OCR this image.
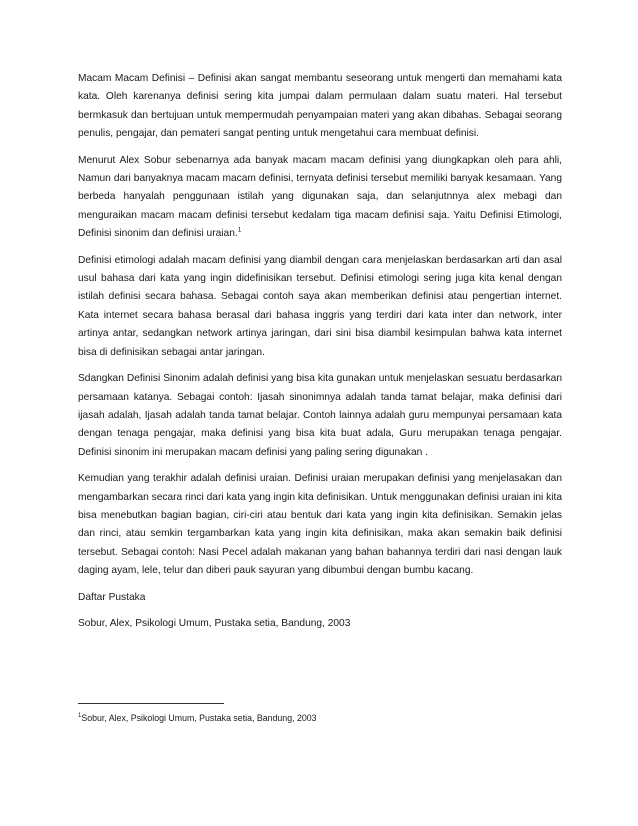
Macam Macam Definisi – Definisi akan sangat membantu seseorang untuk mengerti dan memahami kata kata. Oleh karenanya definisi sering kita jumpai dalam permulaan dalam suatu materi. Hal tersebut bermkasuk dan bertujuan untuk mempermudah penyampaian materi yang akan dibahas. Sebagai seorang penulis, pengajar, dan pemateri sangat penting untuk mengetahui cara membuat definisi.

Menurut Alex Sobur sebenarnya ada banyak macam macam definisi yang diungkapkan oleh para ahli, Namun dari banyaknya macam macam definisi, ternyata definisi tersebut memiliki banyak kesamaan. Yang berbeda hanyalah penggunaan istilah yang digunakan saja, dan selanjutnnya alex mebagi dan menguraikan macam macam definisi tersebut kedalam tiga macam definisi saja. Yaitu Definisi Etimologi, Definisi sinonim dan definisi uraian.$^1$

Definisi etimologi adalah macam definisi yang diambil dengan cara menjelaskan berdasarkan arti dan asal usul bahasa dari kata yang ingin didefinisikan tersebut. Definisi etimologi sering juga kita kenal dengan istilah definisi secara bahasa. Sebagai contoh saya akan memberikan definisi atau pengertian internet. Kata internet secara bahasa berasal dari bahasa inggris yang terdiri dari kata inter dan network, inter artinya antar, sedangkan network artinya jaringan, dari sini bisa diambil kesimpulan bahwa kata internet bisa di definisikan sebagai antar jaringan.

Sdangkan Definisi Sinonim adalah definisi yang bisa kita gunakan untuk menjelaskan sesuatu berdasarkan persamaan katanya. Sebagai contoh: Ijasah sinonimnya adalah tanda tamat belajar, maka definisi dari ijasah adalah, Ijasah adalah tanda tamat belajar. Contoh lainnya adalah guru mempunyai persamaan kata dengan tenaga pengajar, maka definisi yang bisa kita buat adala, Guru merupakan tenaga pengajar. Definisi sinonim ini merupakan macam definisi yang paling sering digunakan .

Kemudian yang terakhir adalah definisi uraian. Definisi uraian merupakan definisi yang menjelasakan dan mengambarkan secara rinci dari kata yang ingin kita definisikan. Untuk menggunakan definisi uraian ini kita bisa menebutkan bagian bagian, ciri-ciri atau bentuk dari kata yang ingin kita definisikan. Semakin jelas dan rinci, atau semkin tergambarkan kata yang ingin kita definisikan, maka akan semakin baik definisi tersebut. Sebagai contoh: Nasi Pecel adalah makanan yang bahan bahannya terdiri dari nasi dengan lauk daging ayam, lele, telur dan diberi pauk sayuran yang dibumbui dengan bumbu kacang.

Daftar Pustaka

Sobur, Alex, Psikologi Umum, Pustaka setia, Bandung, 2003

$^1$Sobur, Alex, Psikologi Umum, Pustaka setia, Bandung, 2003
